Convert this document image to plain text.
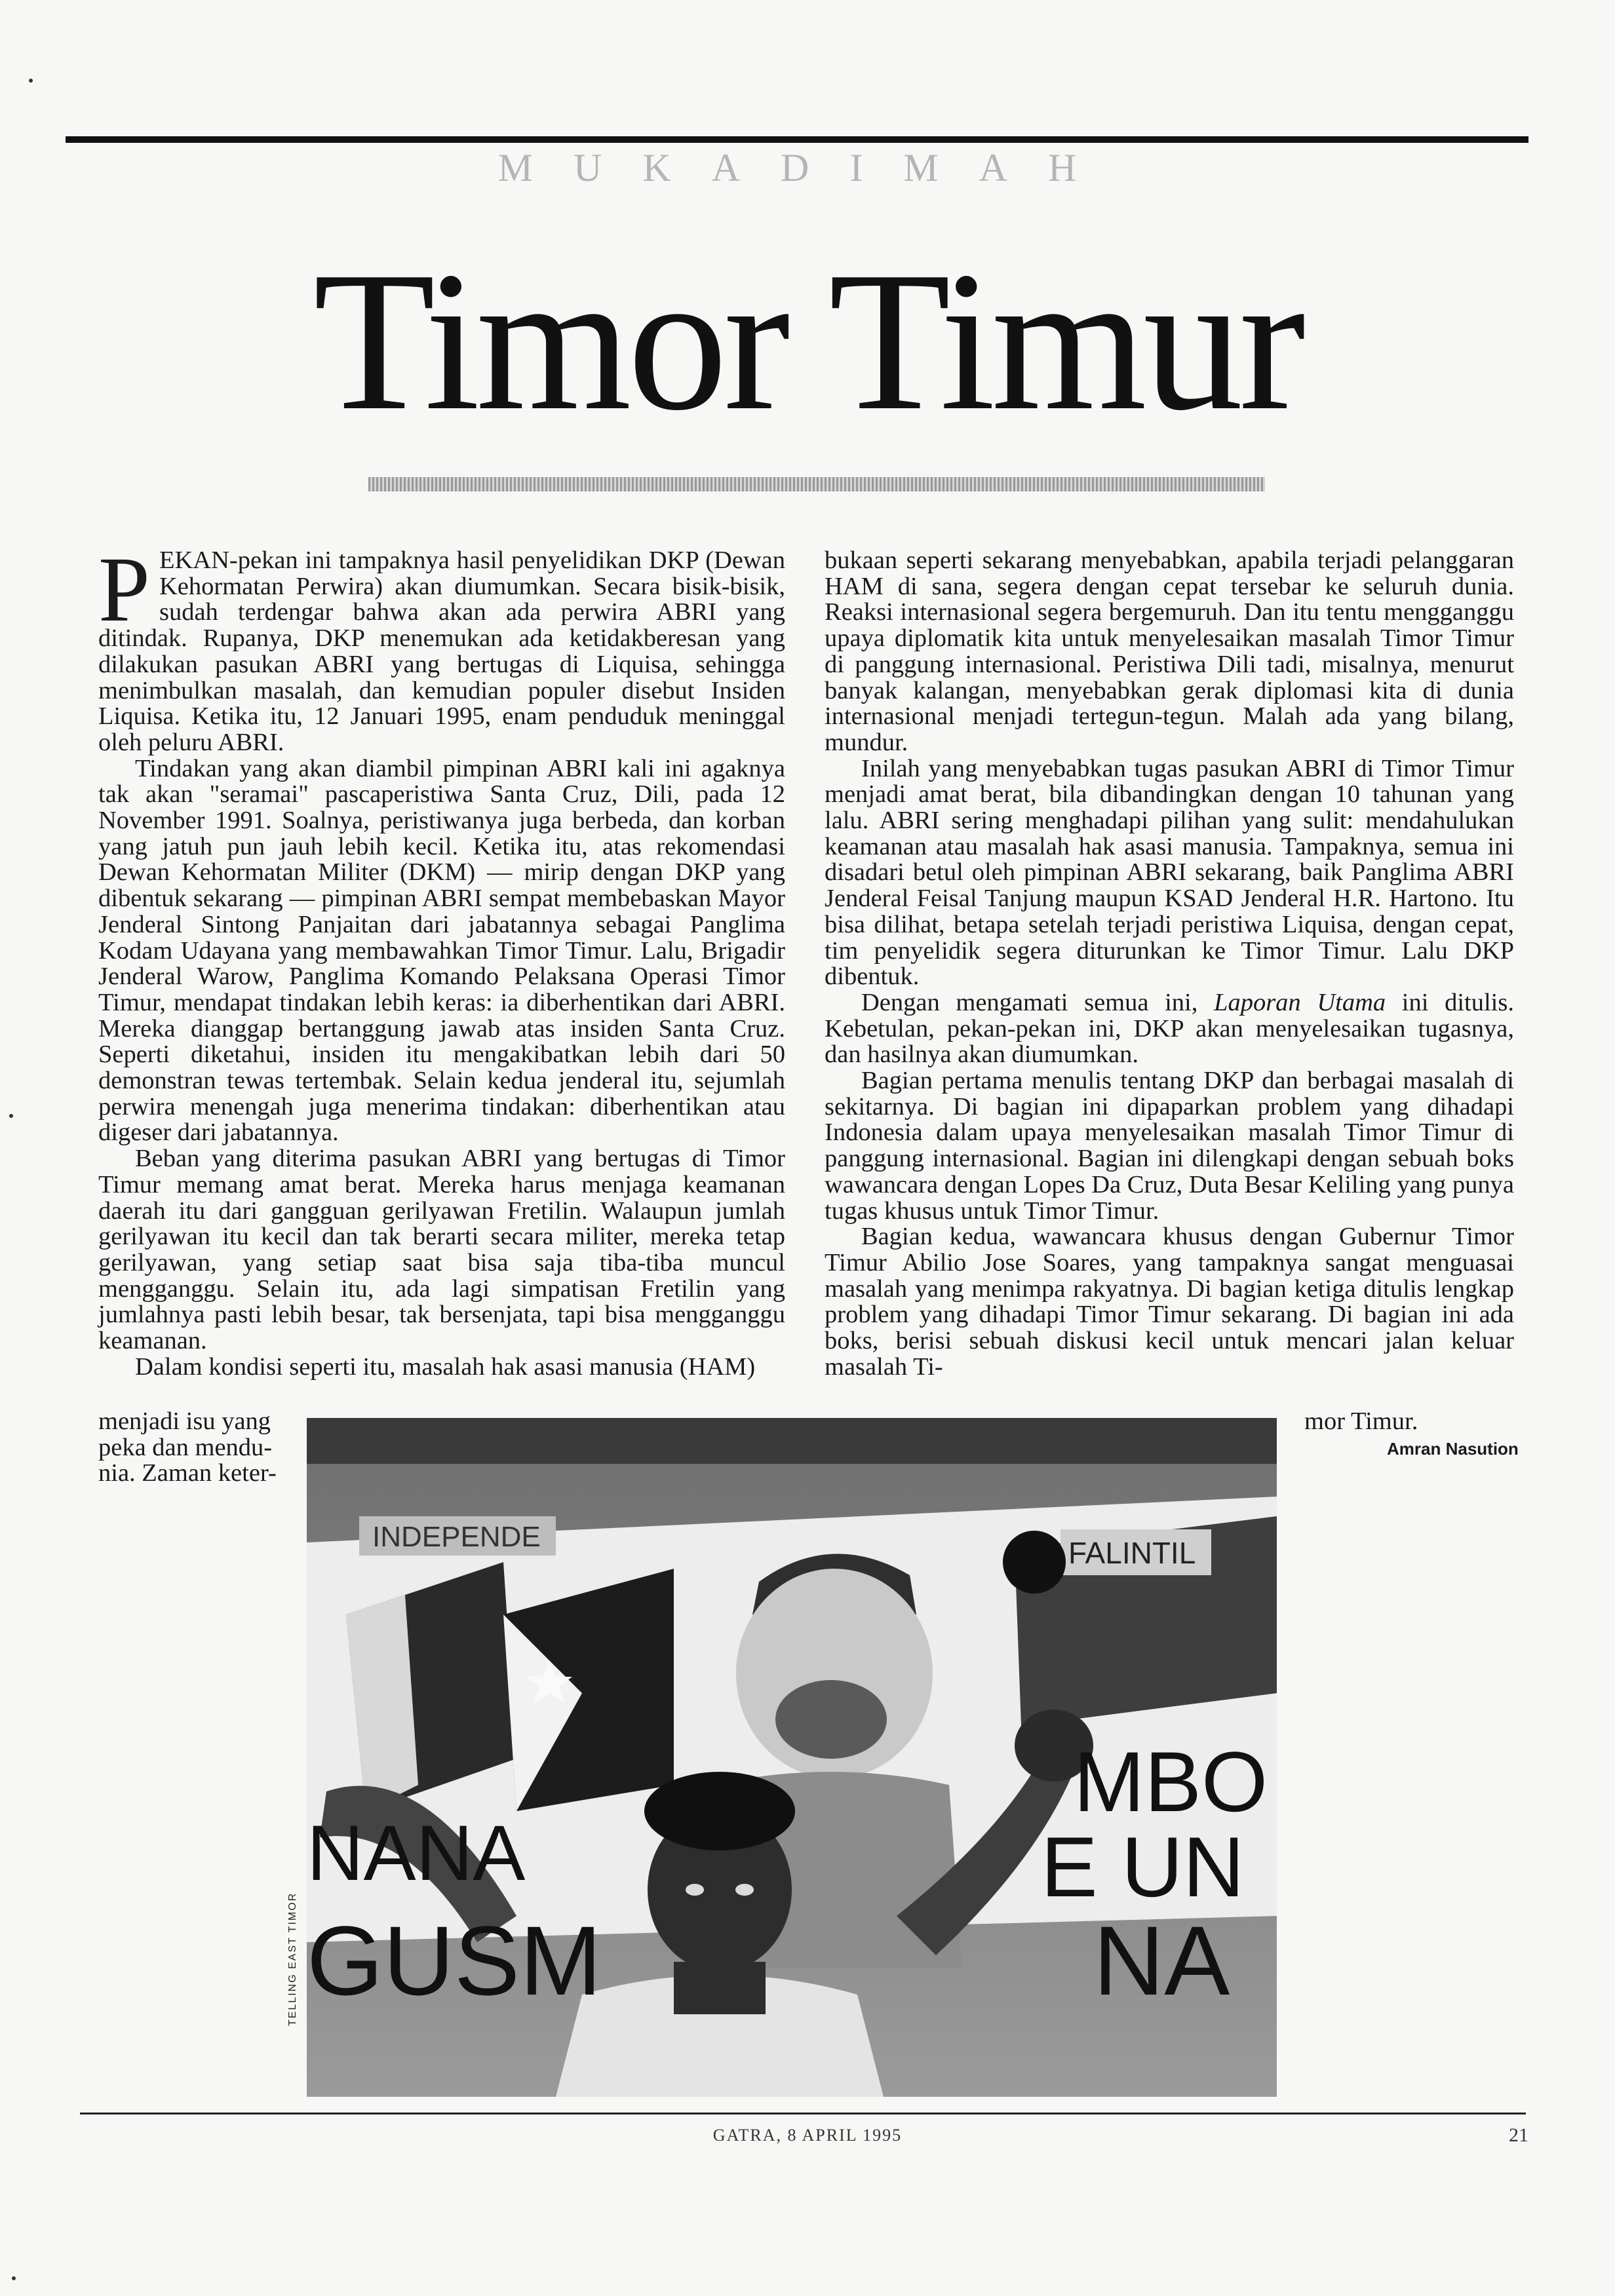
MUKADIMAH
Timor Timur

PEKAN-pekan ini tampaknya hasil penyelidikan DKP (Dewan Kehormatan Perwira) akan diumumkan. Secara bisik-bisik, sudah terdengar bahwa akan ada perwira ABRI yang ditindak. Rupanya, DKP menemukan ada ketidakberesan yang dilakukan pasukan ABRI yang bertugas di Liquisa, sehingga menimbulkan masalah, dan kemudian populer disebut Insiden Liquisa. Ketika itu, 12 Januari 1995, enam penduduk meninggal oleh peluru ABRI.

Tindakan yang akan diambil pimpinan ABRI kali ini agaknya tak akan "seramai" pascaperistiwa Santa Cruz, Dili, pada 12 November 1991. Soalnya, peristiwanya juga berbeda, dan korban yang jatuh pun jauh lebih kecil. Ketika itu, atas rekomendasi Dewan Kehormatan Militer (DKM) — mirip dengan DKP yang dibentuk sekarang — pimpinan ABRI sempat membebaskan Mayor Jenderal Sintong Panjaitan dari jabatannya sebagai Panglima Kodam Udayana yang membawahkan Timor Timur. Lalu, Brigadir Jenderal Warow, Panglima Komando Pelaksana Operasi Timor Timur, mendapat tindakan lebih keras: ia diberhentikan dari ABRI. Mereka dianggap bertanggung jawab atas insiden Santa Cruz. Seperti diketahui, insiden itu mengakibatkan lebih dari 50 demonstran tewas tertembak. Selain kedua jenderal itu, sejumlah perwira menengah juga menerima tindakan: diberhentikan atau digeser dari jabatannya.

Beban yang diterima pasukan ABRI yang bertugas di Timor Timur memang amat berat. Mereka harus menjaga keamanan daerah itu dari gangguan gerilyawan Fretilin. Walaupun jumlah gerilyawan itu kecil dan tak berarti secara militer, mereka tetap gerilyawan, yang setiap saat bisa saja tiba-tiba muncul mengganggu. Selain itu, ada lagi simpatisan Fretilin yang jumlahnya pasti lebih besar, tak bersenjata, tapi bisa mengganggu keamanan.

Dalam kondisi seperti itu, masalah hak asasi manusia (HAM)

menjadi isu yang
peka dan mendu-
nia. Zaman keter-

bukaan seperti sekarang menyebabkan, apabila terjadi pelanggaran HAM di sana, segera dengan cepat tersebar ke seluruh dunia. Reaksi internasional segera bergemuruh. Dan itu tentu mengganggu upaya diplomatik kita untuk menyelesaikan masalah Timor Timur di panggung internasional. Peristiwa Dili tadi, misalnya, menurut banyak kalangan, menyebabkan gerak diplomasi kita di dunia internasional menjadi tertegun-tegun. Malah ada yang bilang, mundur.

Inilah yang menyebabkan tugas pasukan ABRI di Timor Timur menjadi amat berat, bila dibandingkan dengan 10 tahunan yang lalu. ABRI sering menghadapi pilihan yang sulit: mendahulukan keamanan atau masalah hak asasi manusia. Tampaknya, semua ini disadari betul oleh pimpinan ABRI sekarang, baik Panglima ABRI Jenderal Feisal Tanjung maupun KSAD Jenderal H.R. Hartono. Itu bisa dilihat, betapa setelah terjadi peristiwa Liquisa, dengan cepat, tim penyelidik segera diturunkan ke Timor Timur. Lalu DKP dibentuk.

Dengan mengamati semua ini, Laporan Utama ini ditulis. Kebetulan, pekan-pekan ini, DKP akan menyelesaikan tugasnya, dan hasilnya akan diumumkan.

Bagian pertama menulis tentang DKP dan berbagai masalah di sekitarnya. Di bagian ini dipaparkan problem yang dihadapi Indonesia dalam upaya menyelesaikan masalah Timor Timur di panggung internasional. Bagian ini dilengkapi dengan sebuah boks wawancara dengan Lopes Da Cruz, Duta Besar Keliling yang punya tugas khusus untuk Timor Timur.

Bagian kedua, wawancara khusus dengan Gubernur Timor Timur Abilio Jose Soares, yang tampaknya sangat menguasai masalah yang menimpa rakyatnya. Di bagian ketiga ditulis lengkap problem yang dihadapi Timor Timur sekarang. Di bagian ini ada boks, berisi sebuah diskusi kecil untuk mencari jalan keluar masalah Ti-

mor Timur.
Amran Nasution
INDEPENDE	FALINTIL
NANA
GUSM
MBO
E UN
NA
TELLING EAST TIMOR
GATRA, 8 APRIL 1995	21
